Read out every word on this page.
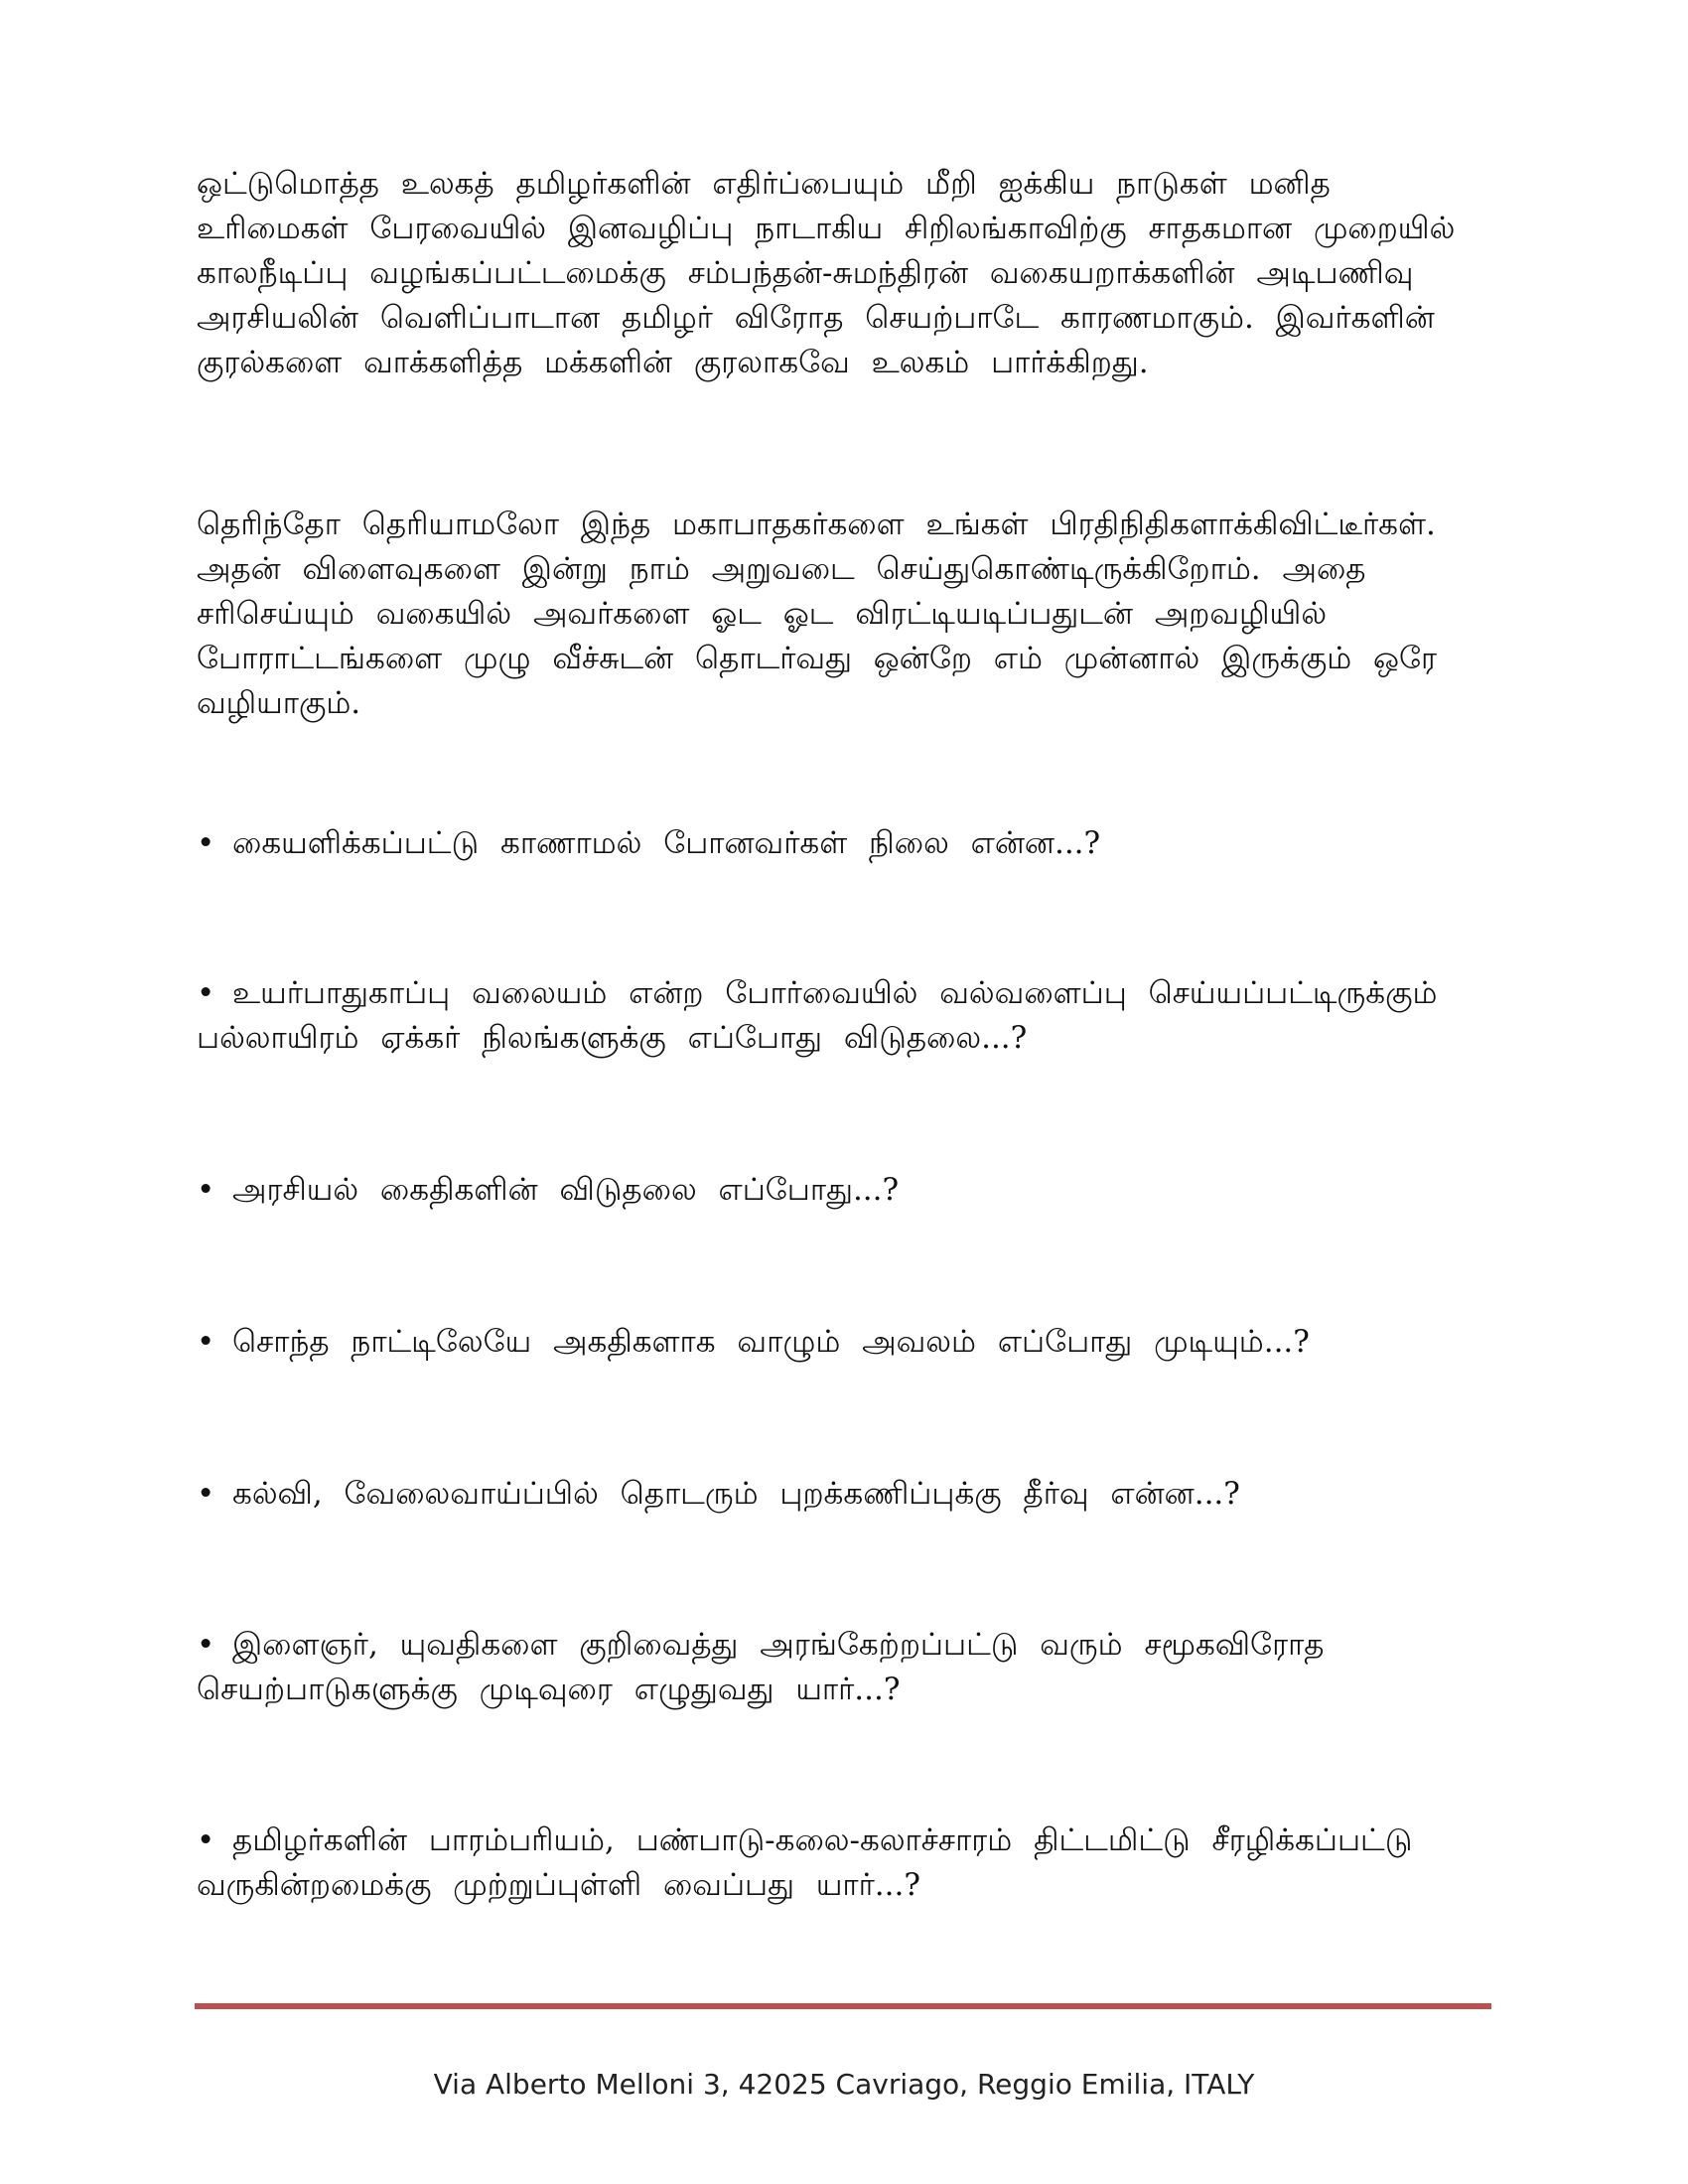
ஒட்டுமொத்த உலகத் தமிழர்களின் எதிர்ப்பையும் மீறி ஐக்கிய நாடுகள் மனித உரிமைகள் பேரவையில் இனவழிப்பு நாடாகிய சிறிலங்காவிற்கு சாதகமான முறையில் காலநீடிப்பு வழங்கப்பட்டமைக்கு சம்பந்தன்-சுமந்திரன் வகையறாக்களின் அடிபணிவு அரசியலின் வெளிப்பாடான தமிழர் விரோத செயற்பாடே காரணமாகும். இவர்களின் குரல்களை வாக்களித்த மக்களின் குரலாகவே உலகம் பார்க்கிறது.

தெரிந்தோ தெரியாமலோ இந்த மகாபாதகர்களை உங்கள் பிரதிநிதிகளாக்கிவிட்டீர்கள். அதன் விளைவுகளை இன்று நாம் அறுவடை செய்துகொண்டிருக்கிறோம். அதை சரிசெய்யும் வகையில் அவர்களை ஓட ஓட விரட்டியடிப்பதுடன் அறவழியில் போராட்டங்களை முழு வீச்சுடன் தொடர்வது ஒன்றே எம் முன்னால் இருக்கும் ஒரே வழியாகும்.

• கையளிக்கப்பட்டு காணாமல் போனவர்கள் நிலை என்ன...?
• உயர்பாதுகாப்பு வலையம் என்ற போர்வையில் வல்வளைப்பு செய்யப்பட்டிருக்கும் பல்லாயிரம் ஏக்கர் நிலங்களுக்கு எப்போது விடுதலை...?
• அரசியல் கைதிகளின் விடுதலை எப்போது...?
• சொந்த நாட்டிலேயே அகதிகளாக வாழும் அவலம் எப்போது முடியும்...?
• கல்வி, வேலைவாய்ப்பில் தொடரும் புறக்கணிப்புக்கு தீர்வு என்ன...?
• இளைஞர், யுவதிகளை குறிவைத்து அரங்கேற்றப்பட்டு வரும் சமூகவிரோத செயற்பாடுகளுக்கு முடிவுரை எழுதுவது யார்...?
• தமிழர்களின் பாரம்பரியம், பண்பாடு-கலை-கலாச்சாரம் திட்டமிட்டு சீரழிக்கப்பட்டு வருகின்றமைக்கு முற்றுப்புள்ளி வைப்பது யார்...?
Via Alberto Melloni 3, 42025 Cavriago, Reggio Emilia, ITALY
